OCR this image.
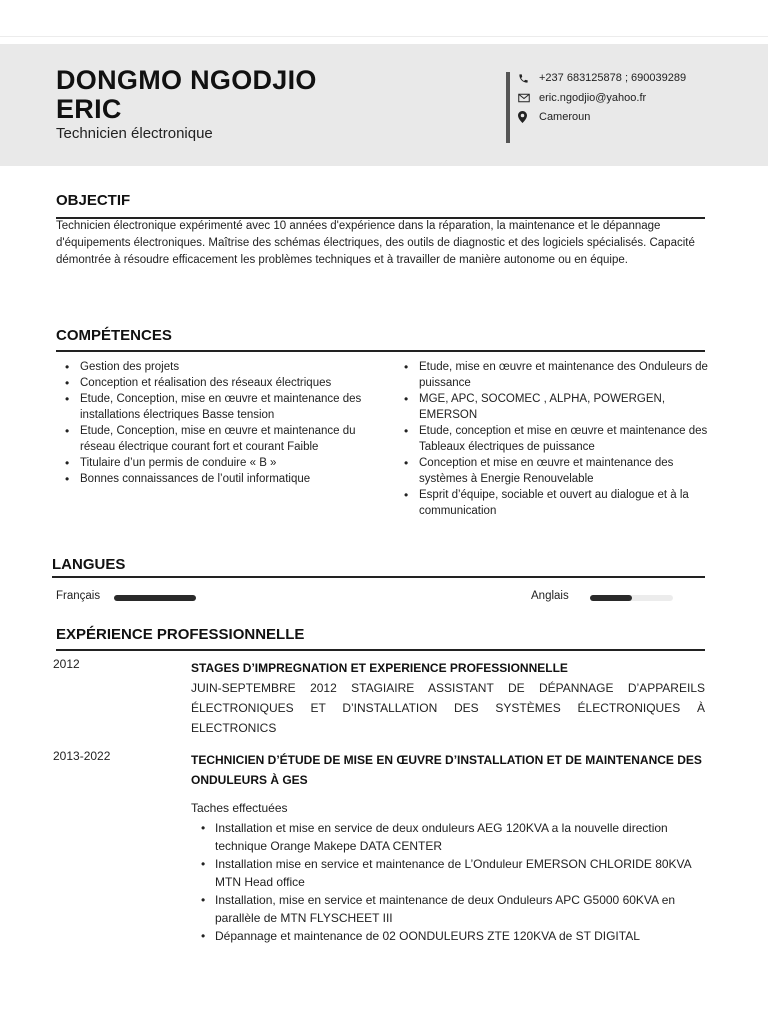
DONGMO NGODJIO
ERIC
Technicien électronique
+237 683125878 ; 690039289
eric.ngodjio@yahoo.fr
Cameroun
OBJECTIF
Technicien électronique expérimenté avec 10 années d'expérience dans la réparation, la maintenance et le dépannage d'équipements électroniques. Maîtrise des schémas électriques, des outils de diagnostic et des logiciels spécialisés. Capacité démontrée à résoudre efficacement les problèmes techniques et à travailler de manière autonome ou en équipe.
COMPÉTENCES
• Gestion des projets
• Conception et réalisation des réseaux électriques
• Etude, Conception, mise en œuvre et maintenance des installations électriques Basse tension
• Etude, Conception, mise en œuvre et maintenance du réseau électrique courant fort et courant Faible
• Titulaire d’un permis de conduire « B »
• Bonnes connaissances de l’outil informatique
• Etude, mise en œuvre et maintenance des Onduleurs de puissance
• MGE, APC, SOCOMEC , ALPHA, POWERGEN, EMERSON
• Etude, conception et mise en œuvre et maintenance des Tableaux électriques de puissance
• Conception et mise en œuvre et maintenance des systèmes à Energie Renouvelable
• Esprit d’équipe, sociable et ouvert au dialogue et à la communication
LANGUES
Français	Anglais
EXPÉRIENCE PROFESSIONNELLE
2012	STAGES D’IMPREGNATION ET EXPERIENCE PROFESSIONNELLE
JUIN-SEPTEMBRE 2012 STAGIAIRE ASSISTANT DE DÉPANNAGE D’APPAREILS ÉLECTRONIQUES ET D’INSTALLATION DES SYSTÈMES ÉLECTRONIQUES À ELECTRONICS
2013-2022	TECHNICIEN D’ÉTUDE DE MISE EN ŒUVRE D’INSTALLATION ET DE MAINTENANCE DES ONDULEURS À GES
Taches effectuées
• Installation et mise en service de deux onduleurs AEG 120KVA a la nouvelle direction technique Orange Makepe DATA CENTER
• Installation mise en service et maintenance de L’Onduleur EMERSON CHLORIDE 80KVA MTN Head office
• Installation, mise en service et maintenance de deux Onduleurs APC G5000 60KVA en parallèle de MTN FLYSCHEET III
• Dépannage et maintenance de 02 OONDULEURS ZTE 120KVA de ST DIGITAL
